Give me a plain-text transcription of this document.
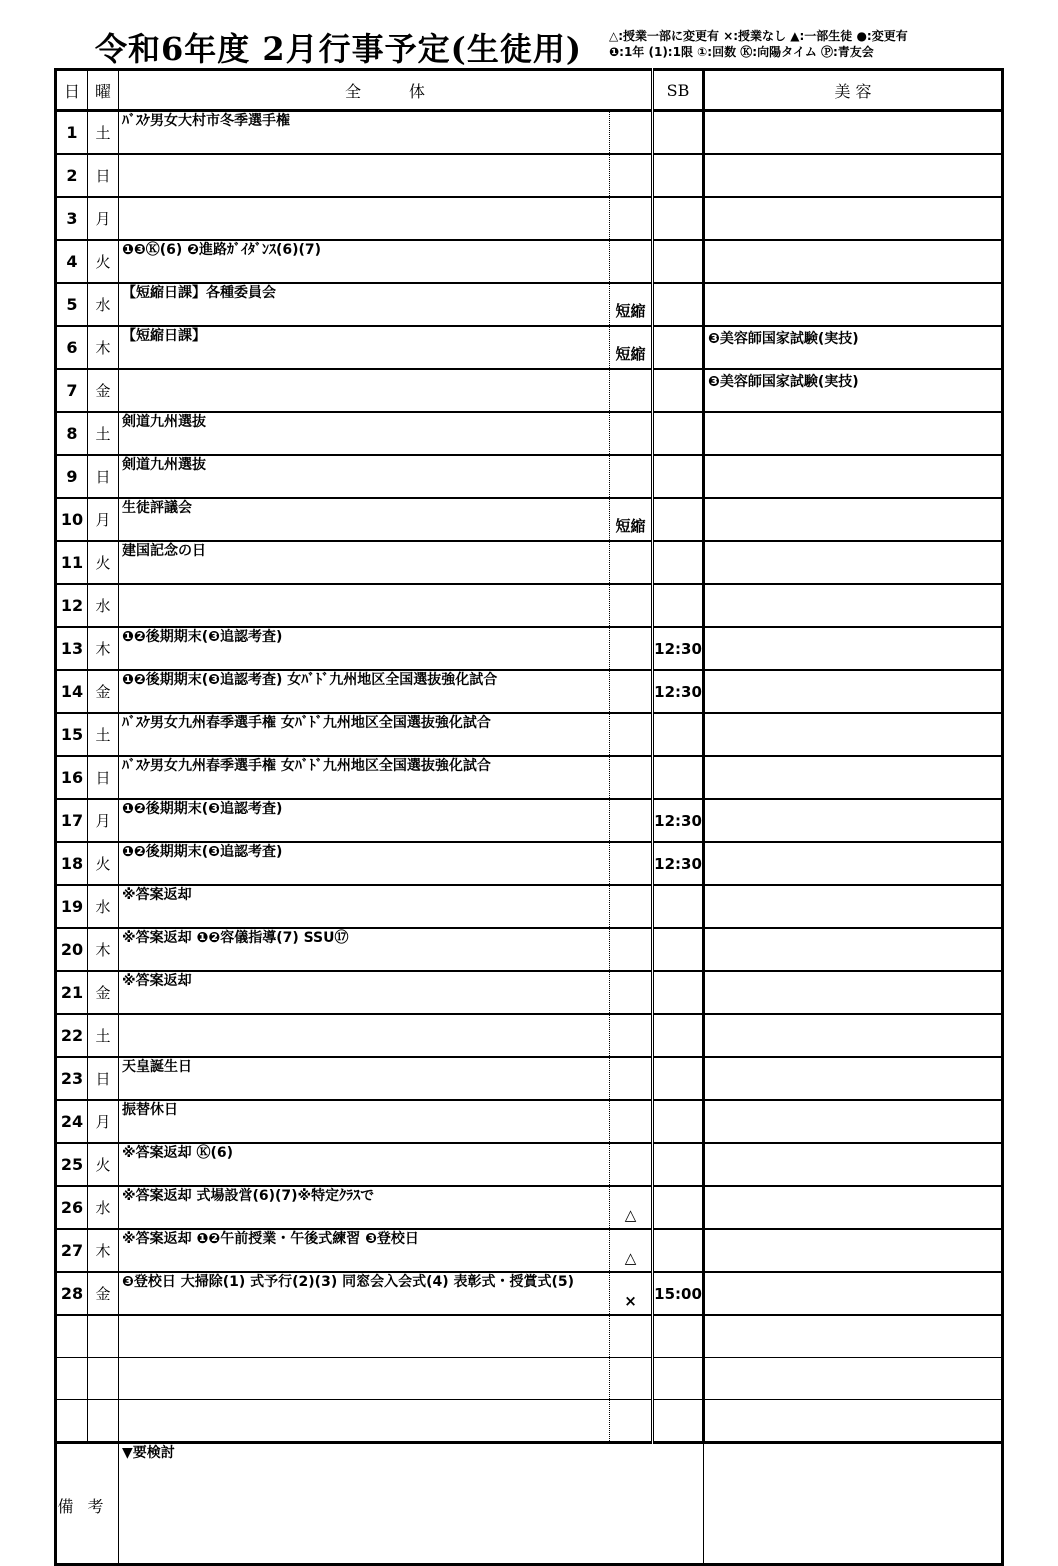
令和6年度 2月行事予定(生徒用) △:授業一部に変更有 ×:授業なし ▲:一部生徒 ●:変更有
❶:1年 (1):1限 ①:回数 Ⓚ:向陽タイム Ⓟ:青友会
日	曜	全　　　体		SB	美 容
1	土	ﾊﾞｽｹ男女大村市冬季選手権			
2	日				
3	月				
4	火	❶❸Ⓚ(6) ❷進路ｶﾞｲﾀﾞﾝｽ(6)(7)			
5	水	【短縮日課】各種委員会	短縮		
6	木	【短縮日課】	短縮		❸美容師国家試験(実技)
7	金				❸美容師国家試験(実技)
8	土	剣道九州選抜			
9	日	剣道九州選抜			
10	月	生徒評議会	短縮		
11	火	建国記念の日			
12	水				
13	木	❶❷後期期末(❸追認考査)		12:30	
14	金	❶❷後期期末(❸追認考査) 女ﾊﾞﾄﾞ九州地区全国選抜強化試合		12:30	
15	土	ﾊﾞｽｹ男女九州春季選手権 女ﾊﾞﾄﾞ九州地区全国選抜強化試合			
16	日	ﾊﾞｽｹ男女九州春季選手権 女ﾊﾞﾄﾞ九州地区全国選抜強化試合			
17	月	❶❷後期期末(❸追認考査)		12:30	
18	火	❶❷後期期末(❸追認考査)		12:30	
19	水	※答案返却			
20	木	※答案返却 ❶❷容儀指導(7) SSU⑰			
21	金	※答案返却			
22	土				
23	日	天皇誕生日			
24	月	振替休日			
25	火	※答案返却 Ⓚ(6)			
26	水	※答案返却 式場設営(6)(7)※特定ｸﾗｽで	△		
27	木	※答案返却 ❶❷午前授業・午後式練習 ❸登校日	△		
28	金	❸登校日 大掃除(1) 式予行(2)(3) 同窓会入会式(4) 表彰式・授賞式(5)	×	15:00	

備考		▼要検討			
